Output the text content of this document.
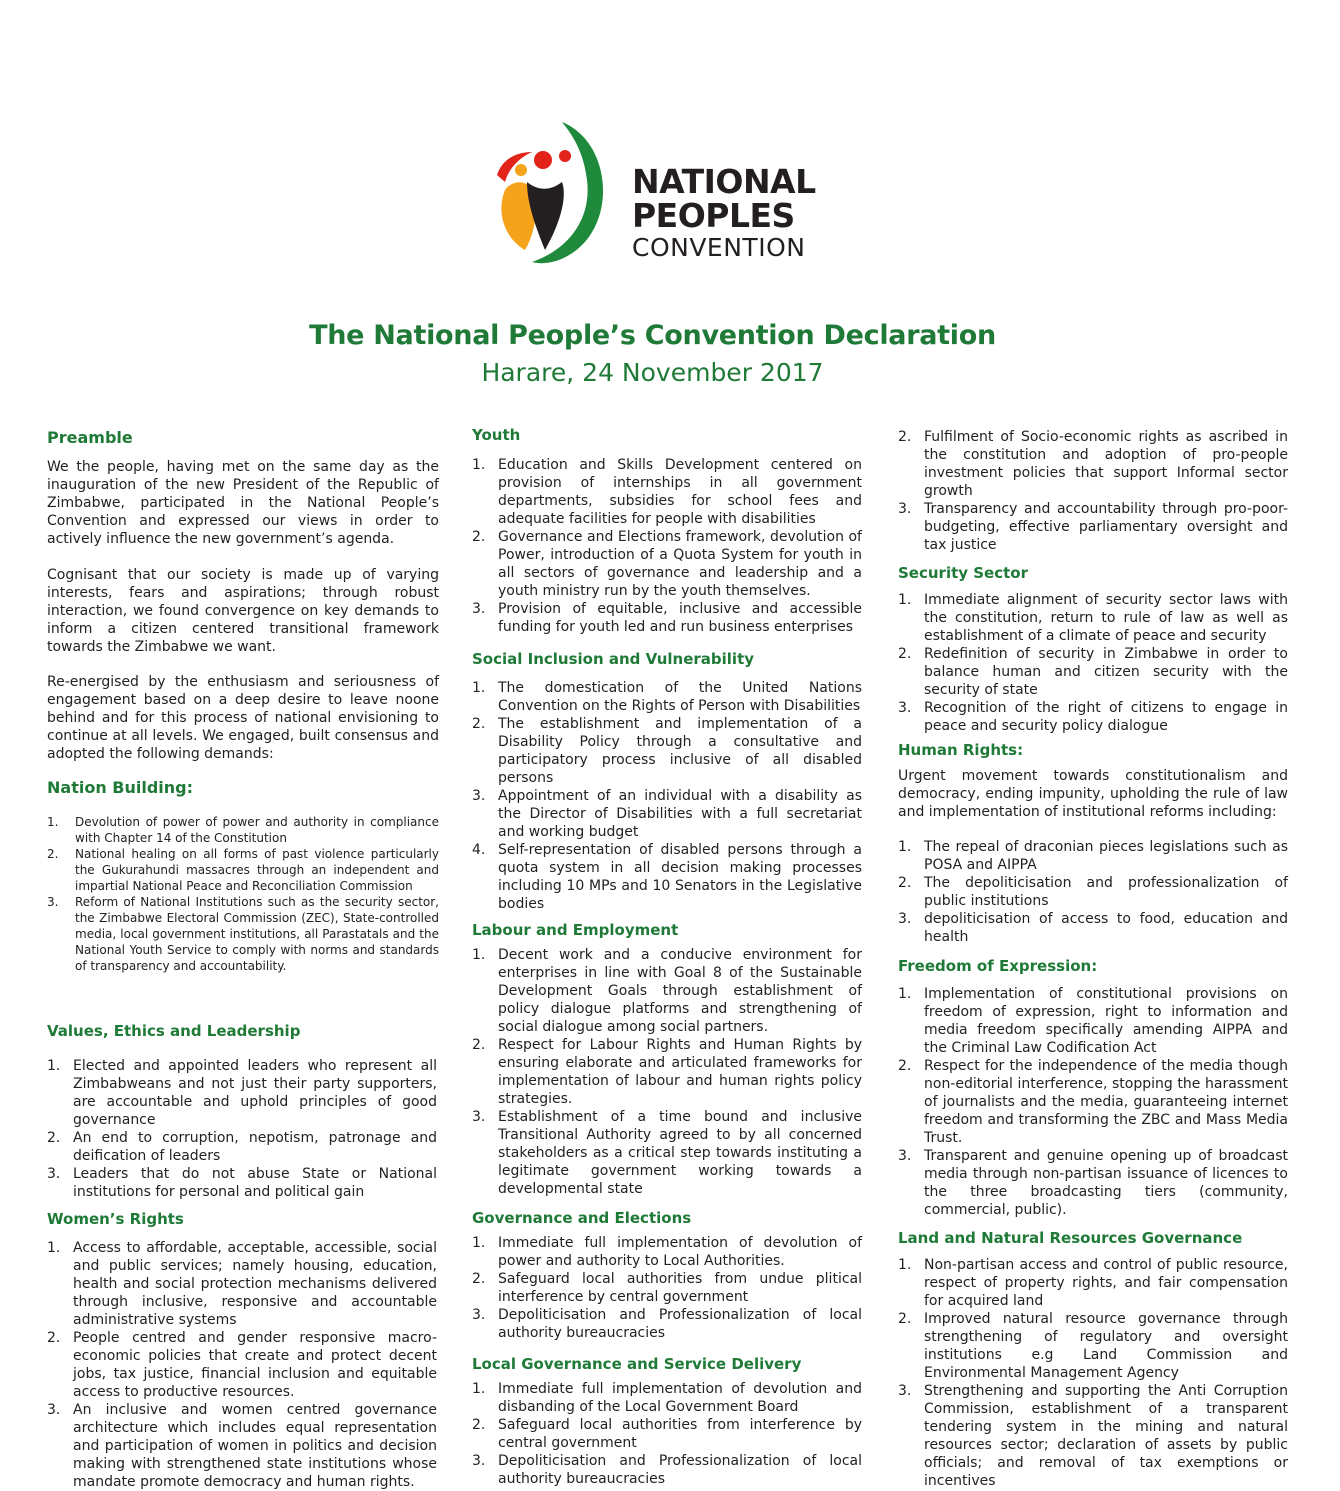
NATIONAL
PEOPLES
CONVENTION
The National People’s Convention Declaration
Harare, 24 November 2017
Preamble
We the people, having met on the same day as the inauguration of the new President of the Republic of Zimbabwe, participated in the National People’s Convention and expressed our views in order to actively influence the new government’s agenda.
Cognisant that our society is made up of varying interests, fears and aspirations; through robust interaction, we found convergence on key demands to inform a citizen centered transitional framework towards the Zimbabwe we want.
Re-energised by the enthusiasm and seriousness of engagement based on a deep desire to leave noone behind and for this process of national envisioning to continue at all levels. We engaged, built consensus and adopted the following demands:
Nation Building:
1. Devolution of power of power and authority in compliance with Chapter 14 of the Constitution
2. National healing on all forms of past violence particularly the Gukurahundi massacres through an independent and impartial National Peace and Reconciliation Commission
3. Reform of National Institutions such as the security sector, the Zimbabwe Electoral Commission (ZEC), State-controlled media, local government institutions, all Parastatals and the National Youth Service to comply with norms and standards of transparency and accountability.
Values, Ethics and Leadership
1. Elected and appointed leaders who represent all Zimbabweans and not just their party supporters, are accountable and uphold principles of good governance
2. An end to corruption, nepotism, patronage and deification of leaders
3. Leaders that do not abuse State or National institutions for personal and political gain
Women’s Rights
1. Access to affordable, acceptable, accessible, social and public services; namely housing, education, health and social protection mechanisms delivered through inclusive, responsive and accountable administrative systems
2. People centred and gender responsive macro-economic policies that create and protect decent jobs, tax justice, financial inclusion and equitable access to productive resources.
3. An inclusive and women centred governance architecture which includes equal representation and participation of women in politics and decision making with strengthened state institutions whose mandate promote democracy and human rights.
Youth
1. Education and Skills Development centered on provision of internships in all government departments, subsidies for school fees and adequate facilities for people with disabilities
2. Governance and Elections framework, devolution of Power, introduction of a Quota System for youth in all sectors of governance and leadership and a youth ministry run by the youth themselves.
3. Provision of equitable, inclusive and accessible funding for youth led and run business enterprises
Social Inclusion and Vulnerability
1. The domestication of the United Nations Convention on the Rights of Person with Disabilities
2. The establishment and implementation of a Disability Policy through a consultative and participatory process inclusive of all disabled persons
3. Appointment of an individual with a disability as the Director of Disabilities with a full secretariat and working budget
4. Self-representation of disabled persons through a quota system in all decision making processes including 10 MPs and 10 Senators in the Legislative bodies
Labour and Employment
1. Decent work and a conducive environment for enterprises in line with Goal 8 of the Sustainable Development Goals through establishment of policy dialogue platforms and strengthening of social dialogue among social partners.
2. Respect for Labour Rights and Human Rights by ensuring elaborate and articulated frameworks for implementation of labour and human rights policy strategies.
3. Establishment of a time bound and inclusive Transitional Authority agreed to by all concerned stakeholders as a critical step towards instituting a legitimate government working towards a developmental state
Governance and Elections
1. Immediate full implementation of devolution of power and authority to Local Authorities.
2. Safeguard local authorities from undue plitical interference by central government
3. Depoliticisation and Professionalization of local authority bureaucracies
Local Governance and Service Delivery
1. Immediate full implementation of devolution and disbanding of the Local Government Board
2. Safeguard local authorities from interference by central government
3. Depoliticisation and Professionalization of local authority bureaucracies
2. Fulfilment of Socio-economic rights as ascribed in the constitution and adoption of pro-people investment policies that support Informal sector growth
3. Transparency and accountability through pro-poor-budgeting, effective parliamentary oversight and tax justice
Security Sector
1. Immediate alignment of security sector laws with the constitution, return to rule of law as well as establishment of a climate of peace and security
2. Redefinition of security in Zimbabwe in order to balance human and citizen security with the security of state
3. Recognition of the right of citizens to engage in peace and security policy dialogue
Human Rights:
Urgent movement towards constitutionalism and democracy, ending impunity, upholding the rule of law and implementation of institutional reforms including:
1. The repeal of draconian pieces legislations such as POSA and AIPPA
2. The depoliticisation and professionalization of public institutions
3. depoliticisation of access to food, education and health
Freedom of Expression:
1. Implementation of constitutional provisions on freedom of expression, right to information and media freedom specifically amending AIPPA and the Criminal Law Codification Act
2. Respect for the independence of the media though non-editorial interference, stopping the harassment of journalists and the media, guaranteeing internet freedom and transforming the ZBC and Mass Media Trust.
3. Transparent and genuine opening up of broadcast media through non-partisan issuance of licences to the three broadcasting tiers (community, commercial, public).
Land and Natural Resources Governance
1. Non-partisan access and control of public resource, respect of property rights, and fair compensation for acquired land
2. Improved natural resource governance through strengthening of regulatory and oversight institutions e.g Land Commission and Environmental Management Agency
3. Strengthening and supporting the Anti Corruption Commission, establishment of a transparent tendering system in the mining and natural resources sector; declaration of assets by public officials; and removal of tax exemptions or incentives
